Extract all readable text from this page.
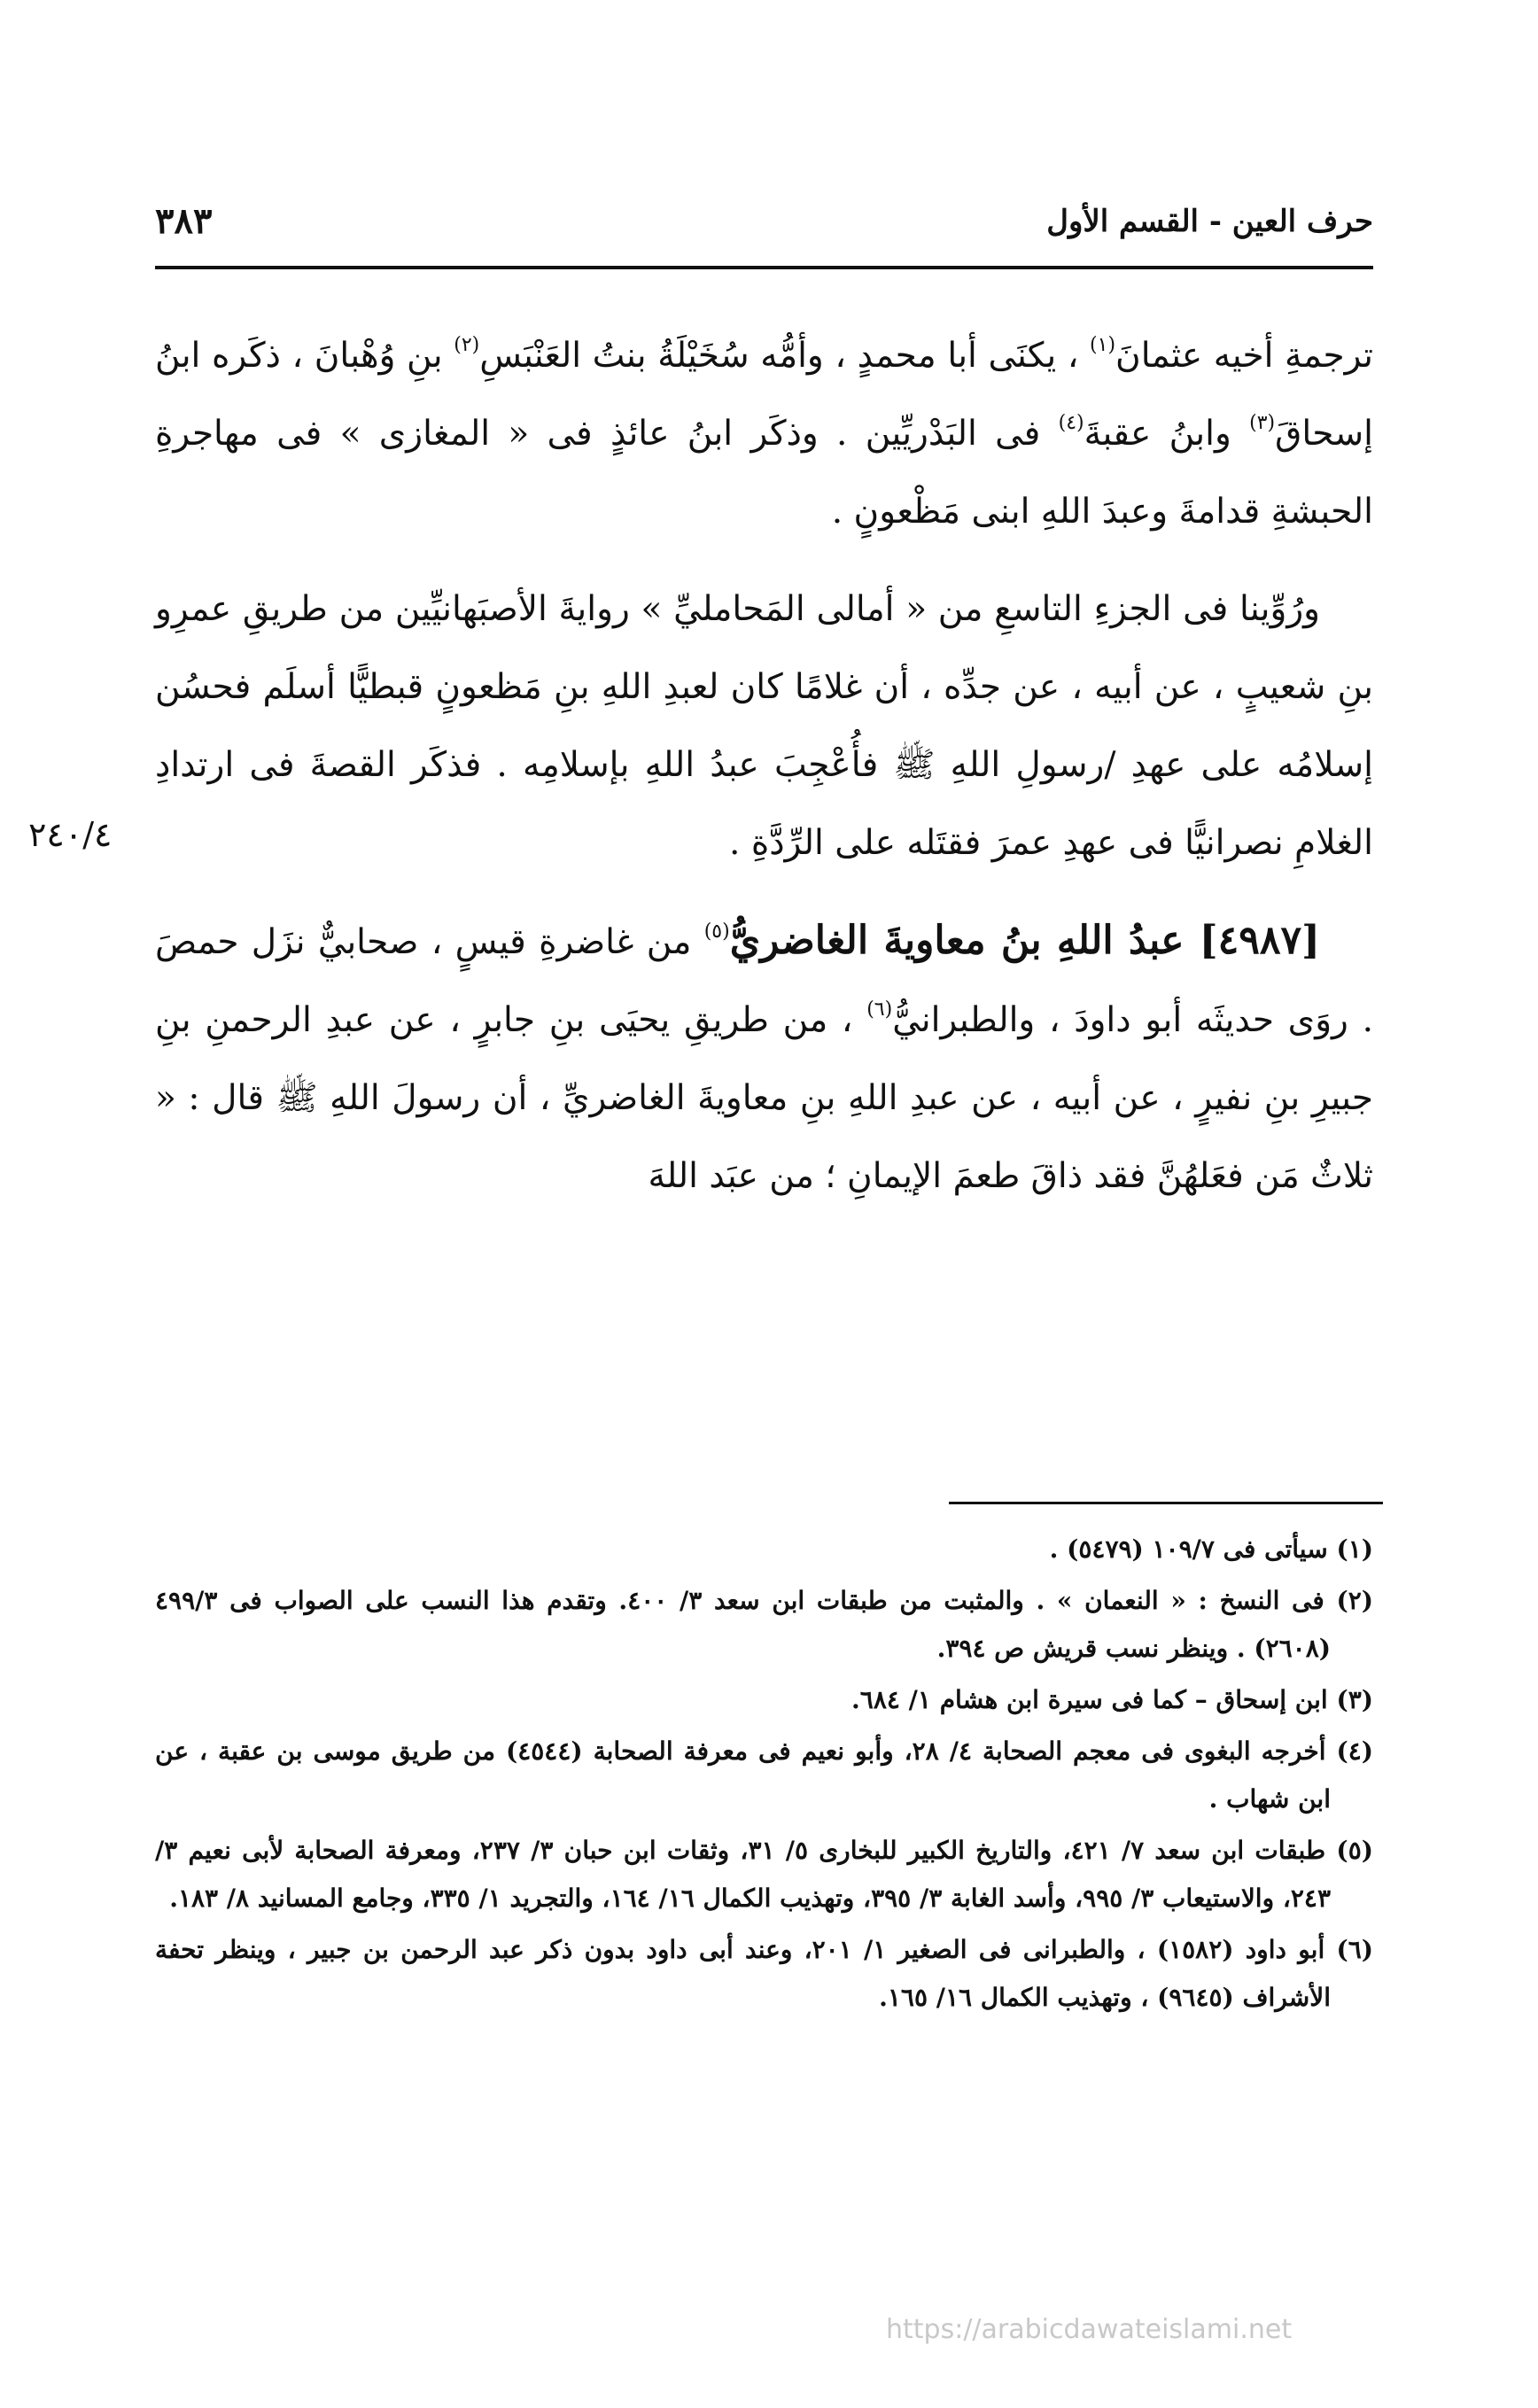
حرف العين - القسم الأول
٣٨٣
٢٤٠/٤

ترجمةِ أخيه عثمانَ$^{(١)}$ ، يكنَى أبا محمدٍ ، وأمُّه سُخَيْلَةُ بنتُ العَنْبَسِ$^{(٢)}$ بنِ وُهْبانَ ، ذكَره ابنُ إسحاقَ$^{(٣)}$ وابنُ عقبةَ$^{(٤)}$ فى البَدْريِّين . وذكَر ابنُ عائذٍ فى « المغازى » فى مهاجرةِ الحبشةِ قدامةَ وعبدَ اللهِ ابنى مَظْعونٍ .

ورُوِّينا فى الجزءِ التاسعِ من « أمالى المَحامليِّ » روايةَ الأصبَهانيِّين من طريقِ عمرِو بنِ شعيبٍ ، عن أبيه ، عن جدِّه ، أن غلامًا كان لعبدِ اللهِ بنِ مَظعونٍ قبطيًّا أسلَم فحسُن إسلامُه على عهدِ /رسولِ اللهِ ﷺ فأُعْجِبَ عبدُ اللهِ بإسلامِه . فذكَر القصةَ فى ارتدادِ الغلامِ نصرانيًّا فى عهدِ عمرَ فقتَله على الرِّدَّةِ .

[٤٩٨٧] عبدُ اللهِ بنُ معاويةَ الغاضريُّ$^{(٥)}$ من غاضرةِ قيسٍ ، صحابيٌّ نزَل حمصَ . روَى حديثَه أبو داودَ ، والطبرانيُّ$^{(٦)}$ ، من طريقِ يحيَى بنِ جابرٍ ، عن عبدِ الرحمنِ بنِ جبيرِ بنِ نفيرٍ ، عن أبيه ، عن عبدِ اللهِ بنِ معاويةَ الغاضريِّ ، أن رسولَ اللهِ ﷺ قال : « ثلاثٌ مَن فعَلهُنَّ فقد ذاقَ طعمَ الإيمانِ ؛ من عبَد اللهَ

(١) سيأتى فى ١٠٩/٧ (٥٤٧٩) .
(٢) فى النسخ : « النعمان » . والمثبت من طبقات ابن سعد ٣/ ٤٠٠. وتقدم هذا النسب على الصواب فى ٤٩٩/٣ (٢٦٠٨) . وينظر نسب قريش ص ٣٩٤.
(٣) ابن إسحاق – كما فى سيرة ابن هشام ١/ ٦٨٤.
(٤) أخرجه البغوى فى معجم الصحابة ٤/ ٢٨، وأبو نعيم فى معرفة الصحابة (٤٥٤٤) من طريق موسى بن عقبة ، عن ابن شهاب .
(٥) طبقات ابن سعد ٧/ ٤٢١، والتاريخ الكبير للبخارى ٥/ ٣١، وثقات ابن حبان ٣/ ٢٣٧، ومعرفة الصحابة لأبى نعيم ٣/ ٢٤٣، والاستيعاب ٣/ ٩٩٥، وأسد الغابة ٣/ ٣٩٥، وتهذيب الكمال ١٦/ ١٦٤، والتجريد ١/ ٣٣٥، وجامع المسانيد ٨/ ١٨٣.
(٦) أبو داود (١٥٨٢) ، والطبرانى فى الصغير ١/ ٢٠١، وعند أبى داود بدون ذكر عبد الرحمن بن جبير ، وينظر تحفة الأشراف (٩٦٤٥) ، وتهذيب الكمال ١٦/ ١٦٥.
https://arabicdawateislami.net
